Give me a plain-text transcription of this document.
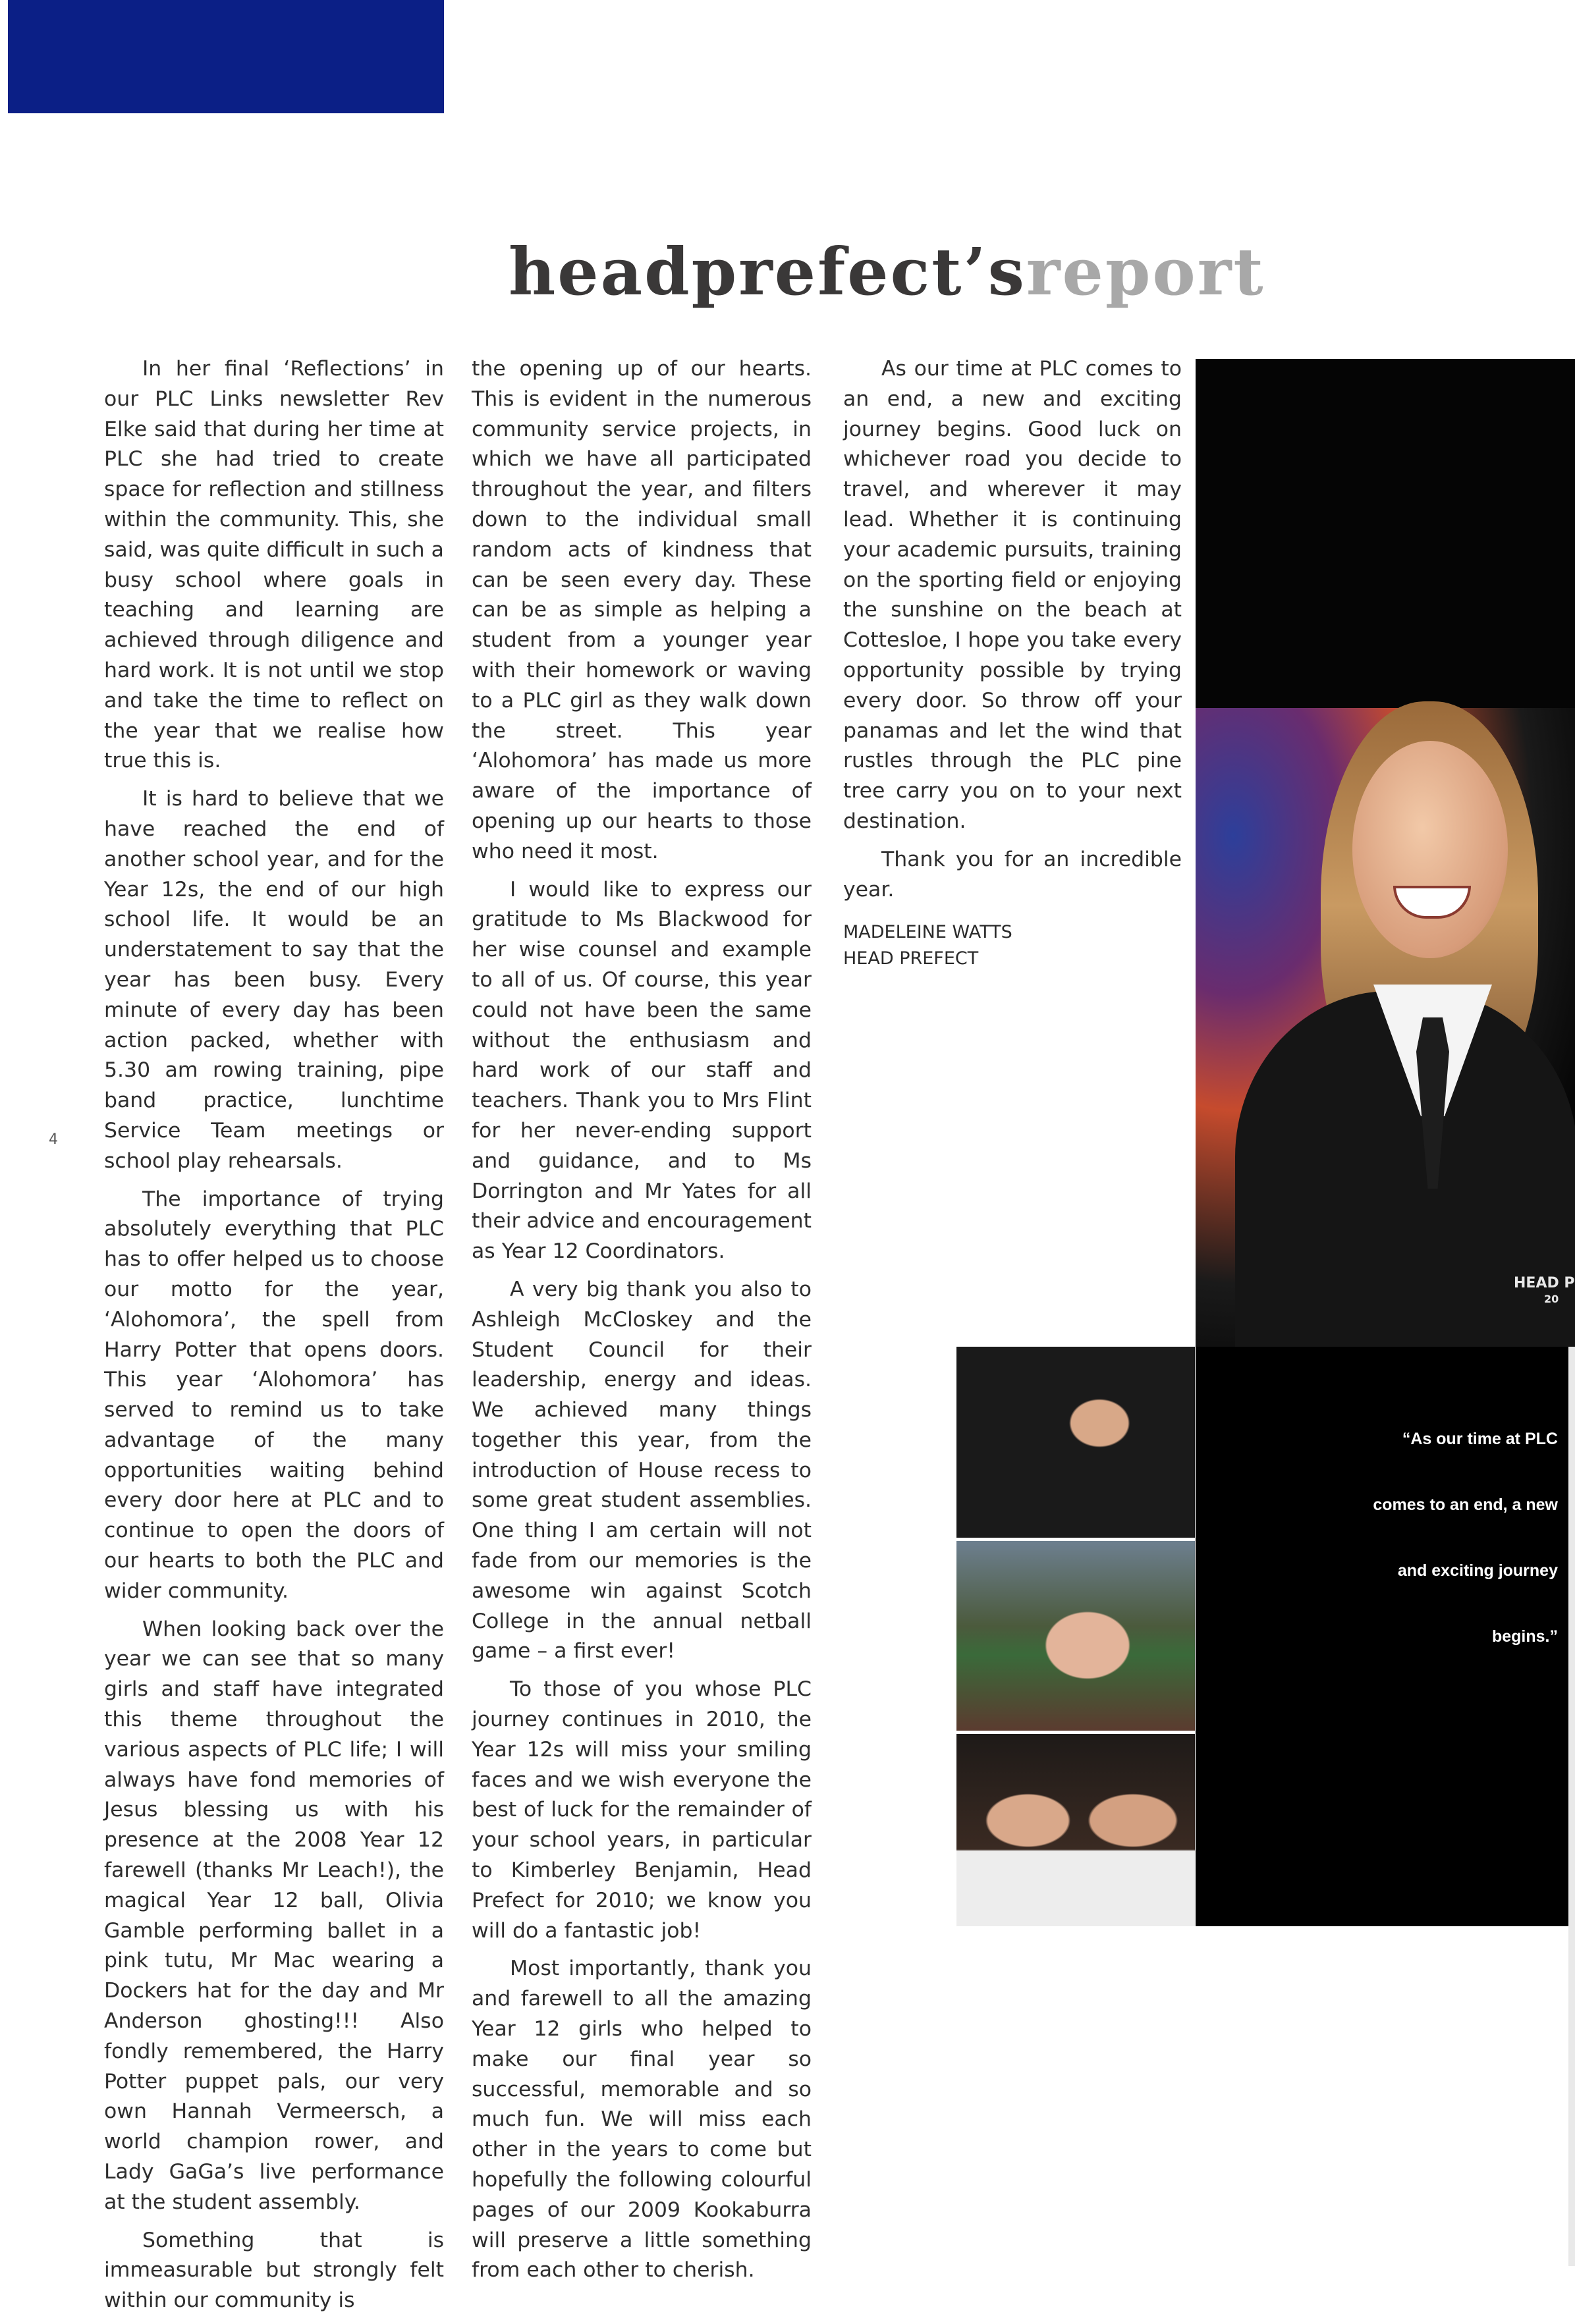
headprefect’sreport
4

In her final ‘Reflections’ in our PLC Links newsletter Rev Elke said that during her time at PLC she had tried to create space for reflection and stillness within the community. This, she said, was quite difficult in such a busy school where goals in teaching and learning are achieved through diligence and hard work. It is not until we stop and take the time to reflect on the year that we realise how true this is.

It is hard to believe that we have reached the end of another school year, and for the Year 12s, the end of our high school life. It would be an understatement to say that the year has been busy. Every minute of every day has been action packed, whether with 5.30 am rowing training, pipe band practice, lunchtime Service Team meetings or school play rehearsals.

The importance of trying absolutely everything that PLC has to offer helped us to choose our motto for the year, ‘Alohomora’, the spell from Harry Potter that opens doors. This year ‘Alohomora’ has served to remind us to take advantage of the many opportunities waiting behind every door here at PLC and to continue to open the doors of our hearts to both the PLC and wider community.

When looking back over the year we can see that so many girls and staff have integrated this theme throughout the various aspects of PLC life; I will always have fond memories of Jesus blessing us with his presence at the 2008 Year 12 farewell (thanks Mr Leach!), the magical Year 12 ball, Olivia Gamble performing ballet in a pink tutu, Mr Mac wearing a Dockers hat for the day and Mr Anderson ghosting!!! Also fondly remembered, the Harry Potter puppet pals, our very own Hannah Vermeersch, a world champion rower, and Lady GaGa’s live performance at the student assembly.

Something that is immeasurable but strongly felt within our community is

the opening up of our hearts. This is evident in the numerous community service projects, in which we have all participated throughout the year, and filters down to the individual small random acts of kindness that can be seen every day. These can be as simple as helping a student from a younger year with their homework or waving to a PLC girl as they walk down the street. This year ‘Alohomora’ has made us more aware of the importance of opening up our hearts to those who need it most.

I would like to express our gratitude to Ms Blackwood for her wise counsel and example to all of us. Of course, this year could not have been the same without the enthusiasm and hard work of our staff and teachers. Thank you to Mrs Flint for her never-ending support and guidance, and to Ms Dorrington and Mr Yates for all their advice and encouragement as Year 12 Coordinators.

A very big thank you also to Ashleigh McCloskey and the Student Council for their leadership, energy and ideas. We achieved many things together this year, from the introduction of House recess to some great student assemblies. One thing I am certain will not fade from our memories is the awesome win against Scotch College in the annual netball game – a first ever!

To those of you whose PLC journey continues in 2010, the Year 12s will miss your smiling faces and we wish everyone the best of luck for the remainder of your school years, in particular to Kimberley Benjamin, Head Prefect for 2010; we know you will do a fantastic job!

Most importantly, thank you and farewell to all the amazing Year 12 girls who helped to make our final year so successful, memorable and so much fun. We will miss each other in the years to come but hopefully the following colourful pages of our 2009 Kookaburra will preserve a little something from each other to cherish.

As our time at PLC comes to an end, a new and exciting journey begins. Good luck on whichever road you decide to travel, and wherever it may lead. Whether it is continuing your academic pursuits, training on the sporting field or enjoying the sunshine on the beach at Cottesloe, I hope you take every opportunity possible by trying every door. So throw off your panamas and let the wind that rustles through the PLC pine tree carry you on to your next destination.

Thank you for an incredible year.

MADELEINE WATTS
HEAD PREFECT
HEAD P
20
“As our time at PLC
comes to an end, a new
and exciting journey
begins.”
